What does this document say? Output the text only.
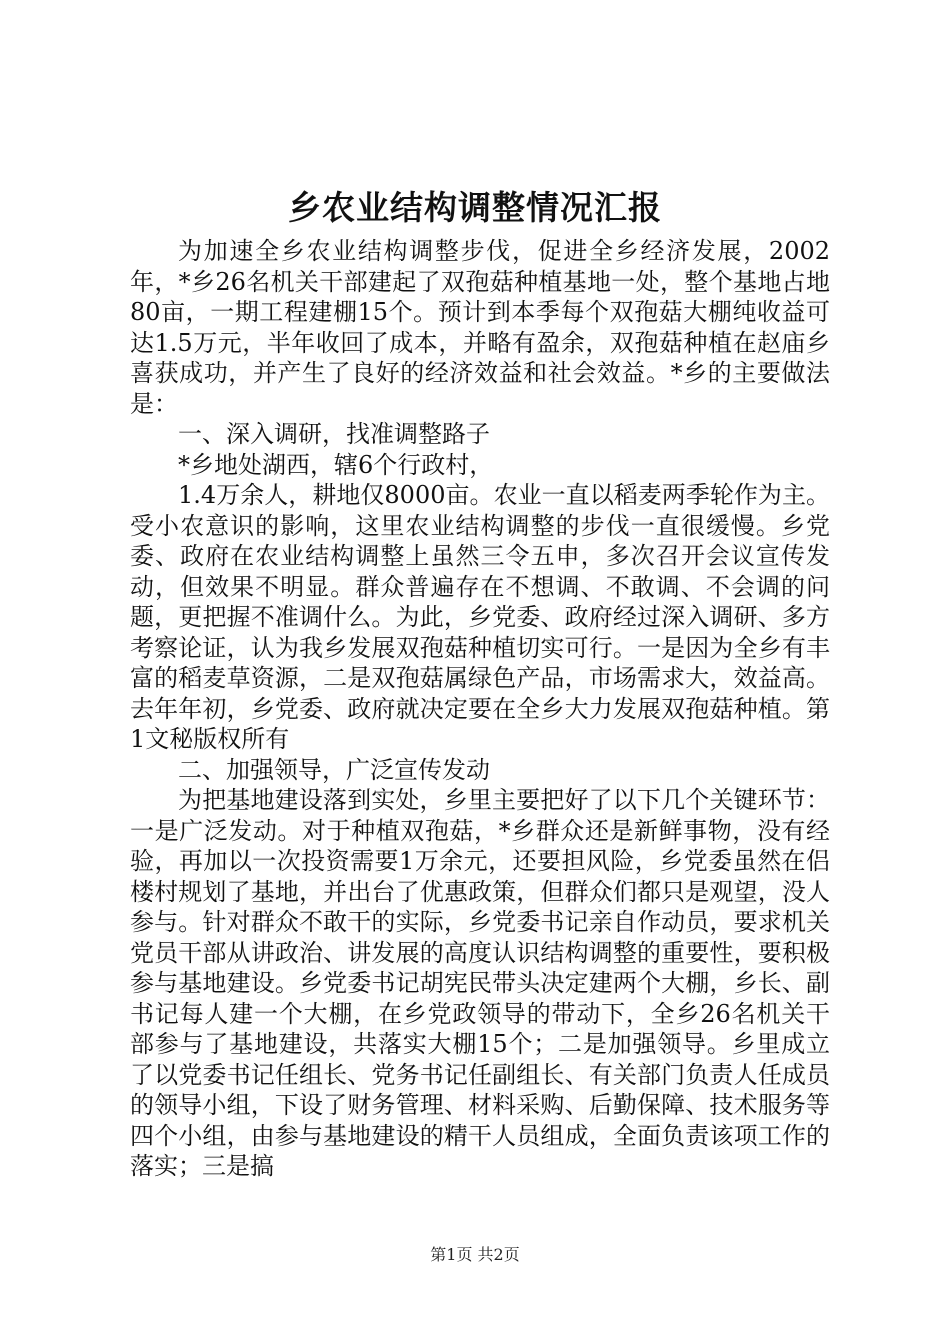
乡农业结构调整情况汇报

为加速全乡农业结构调整步伐，促进全乡经济发展，2002年，*乡26名机关干部建起了双孢菇种植基地一处，整个基地占地80亩，一期工程建棚15个。预计到本季每个双孢菇大棚纯收益可达1.5万元，半年收回了成本，并略有盈余，双孢菇种植在赵庙乡喜获成功，并产生了良好的经济效益和社会效益。*乡的主要做法是：

一、深入调研，找准调整路子

*乡地处湖西，辖6个行政村，

1.4万余人，耕地仅8000亩。农业一直以稻麦两季轮作为主。受小农意识的影响，这里农业结构调整的步伐一直很缓慢。乡党委、政府在农业结构调整上虽然三令五申，多次召开会议宣传发动，但效果不明显。群众普遍存在不想调、不敢调、不会调的问题，更把握不准调什么。为此，乡党委、政府经过深入调研、多方考察论证，认为我乡发展双孢菇种植切实可行。一是因为全乡有丰富的稻麦草资源，二是双孢菇属绿色产品，市场需求大，效益高。去年年初，乡党委、政府就决定要在全乡大力发展双孢菇种植。第1文秘版权所有

二、加强领导，广泛宣传发动

为把基地建设落到实处，乡里主要把好了以下几个关键环节：一是广泛发动。对于种植双孢菇，*乡群众还是新鲜事物，没有经验，再加以一次投资需要1万余元，还要担风险，乡党委虽然在侣楼村规划了基地，并出台了优惠政策，但群众们都只是观望，没人参与。针对群众不敢干的实际，乡党委书记亲自作动员，要求机关党员干部从讲政治、讲发展的高度认识结构调整的重要性，要积极参与基地建设。乡党委书记胡宪民带头决定建两个大棚，乡长、副书记每人建一个大棚，在乡党政领导的带动下，全乡26名机关干部参与了基地建设，共落实大棚15个；二是加强领导。乡里成立了以党委书记任组长、党务书记任副组长、有关部门负责人任成员的领导小组，下设了财务管理、材料采购、后勤保障、技术服务等四个小组，由参与基地建设的精干人员组成，全面负责该项工作的落实；三是搞

第1页 共2页
